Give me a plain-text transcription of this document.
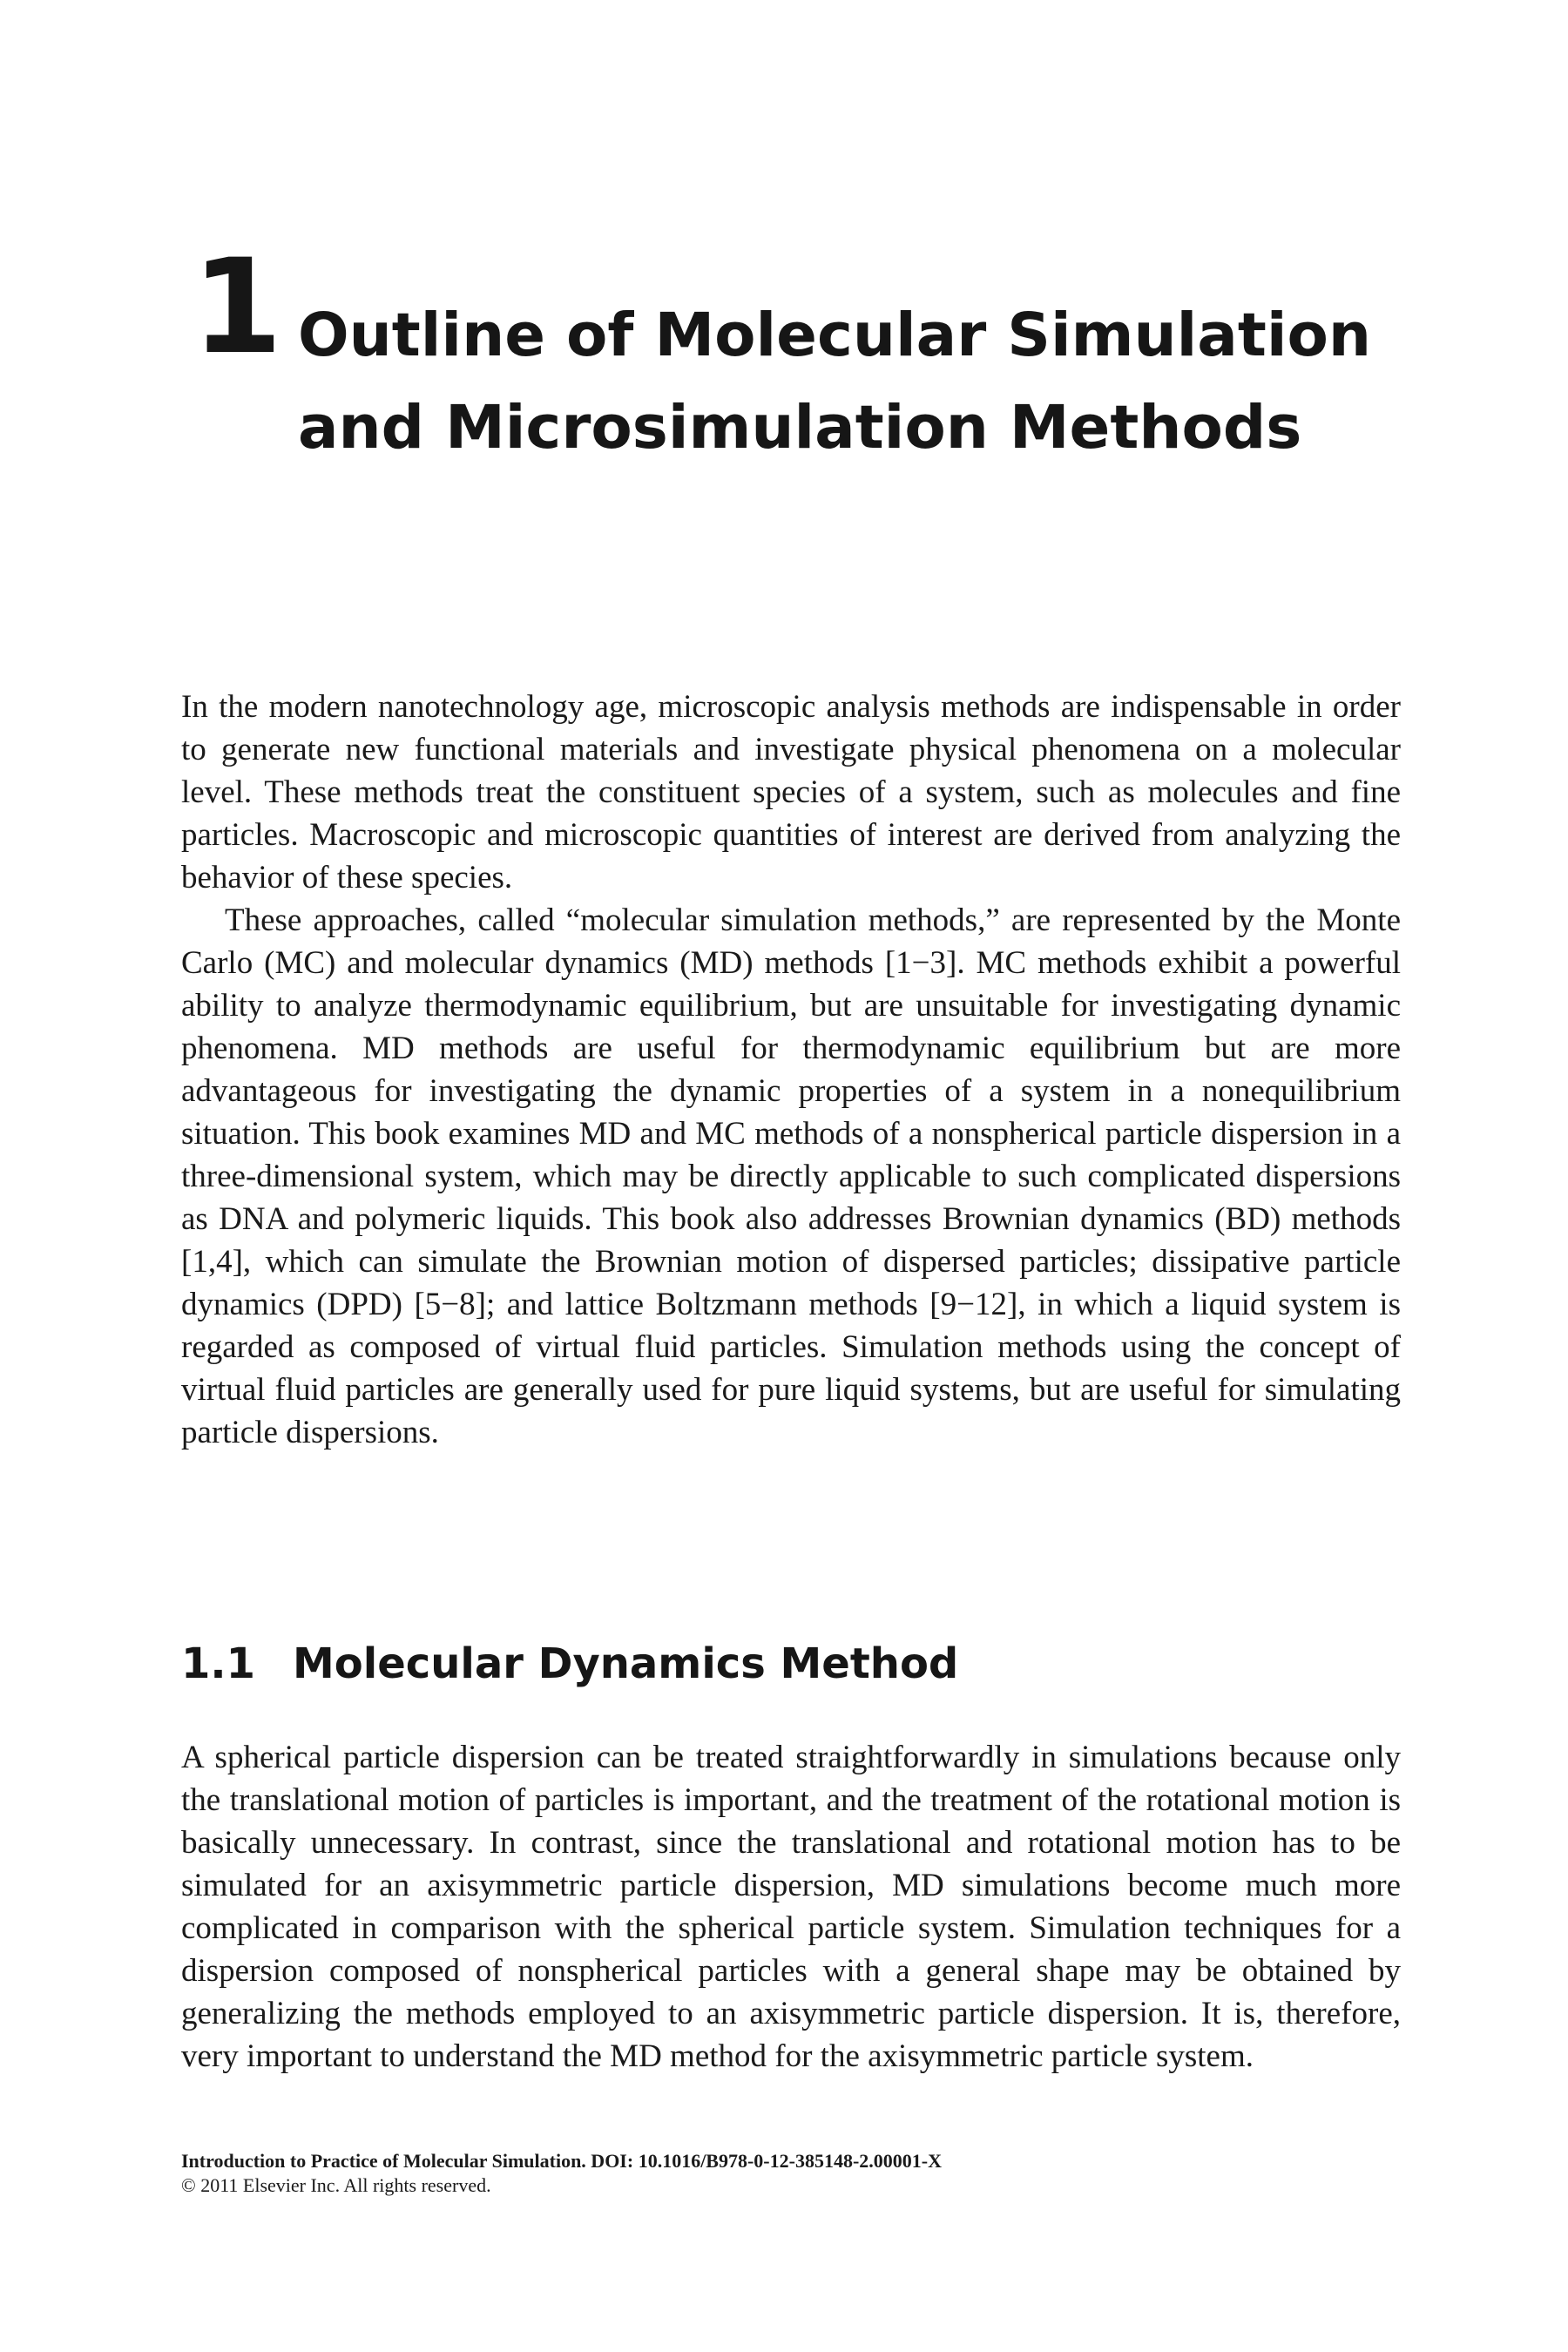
1 Outline of Molecular Simulation and Microsimulation Methods

In the modern nanotechnology age, microscopic analysis methods are indispensable in order to generate new functional materials and investigate physical phenomena on a molecular level. These methods treat the constituent species of a system, such as molecules and fine particles. Macroscopic and microscopic quantities of interest are derived from analyzing the behavior of these species.

These approaches, called “molecular simulation methods,” are represented by the Monte Carlo (MC) and molecular dynamics (MD) methods [1−3]. MC methods exhibit a powerful ability to analyze thermodynamic equilibrium, but are unsuitable for investigating dynamic phenomena. MD methods are useful for thermodynamic equilibrium but are more advantageous for investigating the dynamic properties of a system in a nonequilibrium situation. This book examines MD and MC methods of a nonspherical particle dispersion in a three-dimensional system, which may be directly applicable to such complicated dispersions as DNA and polymeric liquids. This book also addresses Brownian dynamics (BD) methods [1,4], which can simulate the Brownian motion of dispersed particles; dissipative particle dynamics (DPD) [5−8]; and lattice Boltzmann methods [9−12], in which a liquid system is regarded as composed of virtual fluid particles. Simulation methods using the concept of virtual fluid particles are generally used for pure liquid systems, but are useful for simulating particle dispersions.

1.1 Molecular Dynamics Method

A spherical particle dispersion can be treated straightforwardly in simulations because only the translational motion of particles is important, and the treatment of the rotational motion is basically unnecessary. In contrast, since the translational and rotational motion has to be simulated for an axisymmetric particle dispersion, MD simulations become much more complicated in comparison with the spherical particle system. Simulation techniques for a dispersion composed of nonspherical particles with a general shape may be obtained by generalizing the methods employed to an axisymmetric particle dispersion. It is, therefore, very important to understand the MD method for the axisymmetric particle system.

Introduction to Practice of Molecular Simulation. DOI: 10.1016/B978-0-12-385148-2.00001-X
© 2011 Elsevier Inc. All rights reserved.
